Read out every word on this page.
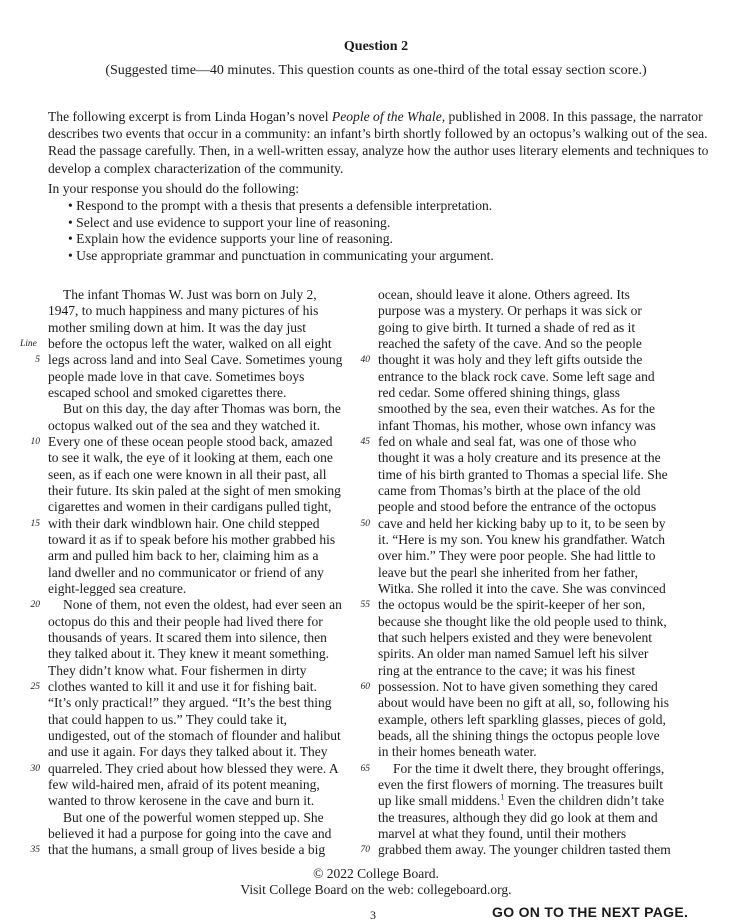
Question 2
(Suggested time—40 minutes. This question counts as one-third of the total essay section score.)

The following excerpt is from Linda Hogan’s novel People of the Whale, published in 2008. In this passage, the narrator describes two events that occur in a community: an infant’s birth shortly followed by an octopus’s walking out of the sea. Read the passage carefully. Then, in a well-written essay, analyze how the author uses literary elements and techniques to develop a complex characterization of the community.

In your response you should do the following:

• Respond to the prompt with a thesis that presents a defensible interpretation.
• Select and use evidence to support your line of reasoning.
• Explain how the evidence supports your line of reasoning.
• Use appropriate grammar and punctuation in communicating your argument.
The infant Thomas W. Just was born on July 2,
1947, to much happiness and many pictures of his
mother smiling down at him. It was the day just
Line before the octopus left the water, walked on all eight
5 legs across land and into Seal Cave. Sometimes young
people made love in that cave. Sometimes boys
escaped school and smoked cigarettes there.
But on this day, the day after Thomas was born, the
octopus walked out of the sea and they watched it.
10 Every one of these ocean people stood back, amazed
to see it walk, the eye of it looking at them, each one
seen, as if each one were known in all their past, all
their future. Its skin paled at the sight of men smoking
cigarettes and women in their cardigans pulled tight,
15 with their dark windblown hair. One child stepped
toward it as if to speak before his mother grabbed his
arm and pulled him back to her, claiming him as a
land dweller and no communicator or friend of any
eight-legged sea creature.
20 None of them, not even the oldest, had ever seen an
octopus do this and their people had lived there for
thousands of years. It scared them into silence, then
they talked about it. They knew it meant something.
They didn’t know what. Four fishermen in dirty
25 clothes wanted to kill it and use it for fishing bait.
“It’s only practical!” they argued. “It’s the best thing
that could happen to us.” They could take it,
undigested, out of the stomach of flounder and halibut
and use it again. For days they talked about it. They
30 quarreled. They cried about how blessed they were. A
few wild-haired men, afraid of its potent meaning,
wanted to throw kerosene in the cave and burn it.
But one of the powerful women stepped up. She
believed it had a purpose for going into the cave and
35 that the humans, a small group of lives beside a big
ocean, should leave it alone. Others agreed. Its
purpose was a mystery. Or perhaps it was sick or
going to give birth. It turned a shade of red as it
reached the safety of the cave. And so the people
40 thought it was holy and they left gifts outside the
entrance to the black rock cave. Some left sage and
red cedar. Some offered shining things, glass
smoothed by the sea, even their watches. As for the
infant Thomas, his mother, whose own infancy was
45 fed on whale and seal fat, was one of those who
thought it was a holy creature and its presence at the
time of his birth granted to Thomas a special life. She
came from Thomas’s birth at the place of the old
people and stood before the entrance of the octopus
50 cave and held her kicking baby up to it, to be seen by
it. “Here is my son. You knew his grandfather. Watch
over him.” They were poor people. She had little to
leave but the pearl she inherited from her father,
Witka. She rolled it into the cave. She was convinced
55 the octopus would be the spirit-keeper of her son,
because she thought like the old people used to think,
that such helpers existed and they were benevolent
spirits. An older man named Samuel left his silver
ring at the entrance to the cave; it was his finest
60 possession. Not to have given something they cared
about would have been no gift at all, so, following his
example, others left sparkling glasses, pieces of gold,
beads, all the shining things the octopus people love
in their homes beneath water.
65 For the time it dwelt there, they brought offerings,
even the first flowers of morning. The treasures built
up like small middens.$^1$ Even the children didn’t take
the treasures, although they did go look at them and
marvel at what they found, until their mothers
70 grabbed them away. The younger children tasted them
© 2022 College Board.
Visit College Board on the web: collegeboard.org.
3	GO ON TO THE NEXT PAGE.
